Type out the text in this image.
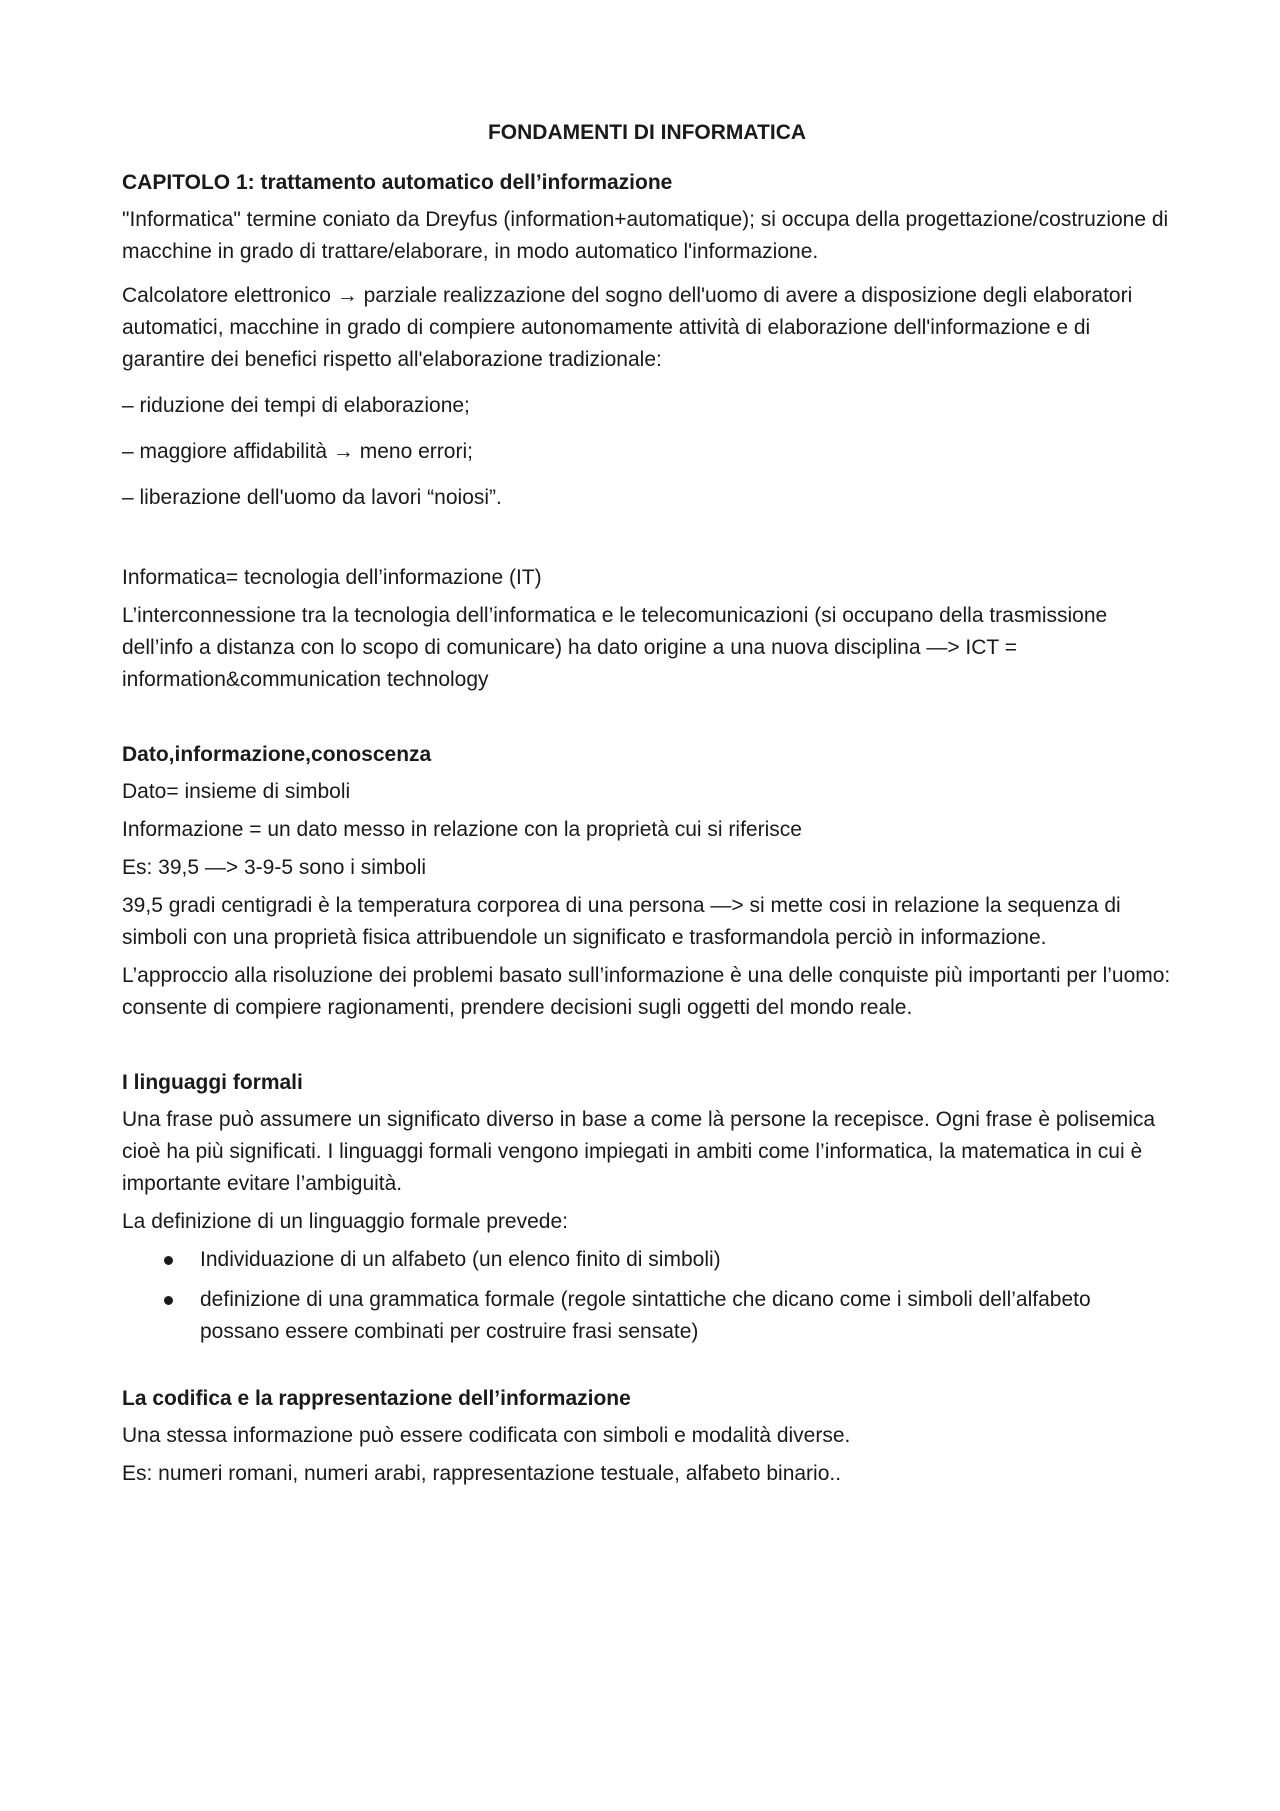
FONDAMENTI DI INFORMATICA
CAPITOLO 1: trattamento automatico dell’informazione

"Informatica" termine coniato da Dreyfus (information+automatique); si occupa della progettazione/costruzione di macchine in grado di trattare/elaborare, in modo automatico l'informazione.

Calcolatore elettronico → parziale realizzazione del sogno dell'uomo di avere a disposizione degli elaboratori automatici, macchine in grado di compiere autonomamente attività di elaborazione dell'informazione e di garantire dei benefici rispetto all'elaborazione tradizionale:

– riduzione dei tempi di elaborazione;

– maggiore affidabilità → meno errori;

– liberazione dell'uomo da lavori “noiosi”.

Informatica= tecnologia dell’informazione (IT)

L’interconnessione tra la tecnologia dell’informatica e le telecomunicazioni (si occupano della trasmissione dell’info a distanza con lo scopo di comunicare) ha dato origine a una nuova disciplina —> ICT = information&communication technology

Dato,informazione,conoscenza

Dato= insieme di simboli

Informazione = un dato messo in relazione con la proprietà cui si riferisce

Es: 39,5 —> 3-9-5 sono i simboli

39,5 gradi centigradi è la temperatura corporea di una persona —> si mette cosi in relazione la sequenza di simboli con una proprietà fisica attribuendole un significato e trasformandola perciò in informazione.

L’approccio alla risoluzione dei problemi basato sull’informazione è una delle conquiste più importanti per l’uomo: consente di compiere ragionamenti, prendere decisioni sugli oggetti del mondo reale.

I linguaggi formali

Una frase può assumere un significato diverso in base a come là persone la recepisce. Ogni frase è polisemica cioè ha più significati. I linguaggi formali vengono impiegati in ambiti come l’informatica, la matematica in cui è importante evitare l’ambiguità.

La definizione di un linguaggio formale prevede:

Individuazione di un alfabeto (un elenco finito di simboli)
definizione di una grammatica formale (regole sintattiche che dicano come i simboli dell’alfabeto possano essere combinati per costruire frasi sensate)
La codifica e la rappresentazione dell’informazione

Una stessa informazione può essere codificata con simboli e modalità diverse.

Es: numeri romani, numeri arabi, rappresentazione testuale, alfabeto binario..
